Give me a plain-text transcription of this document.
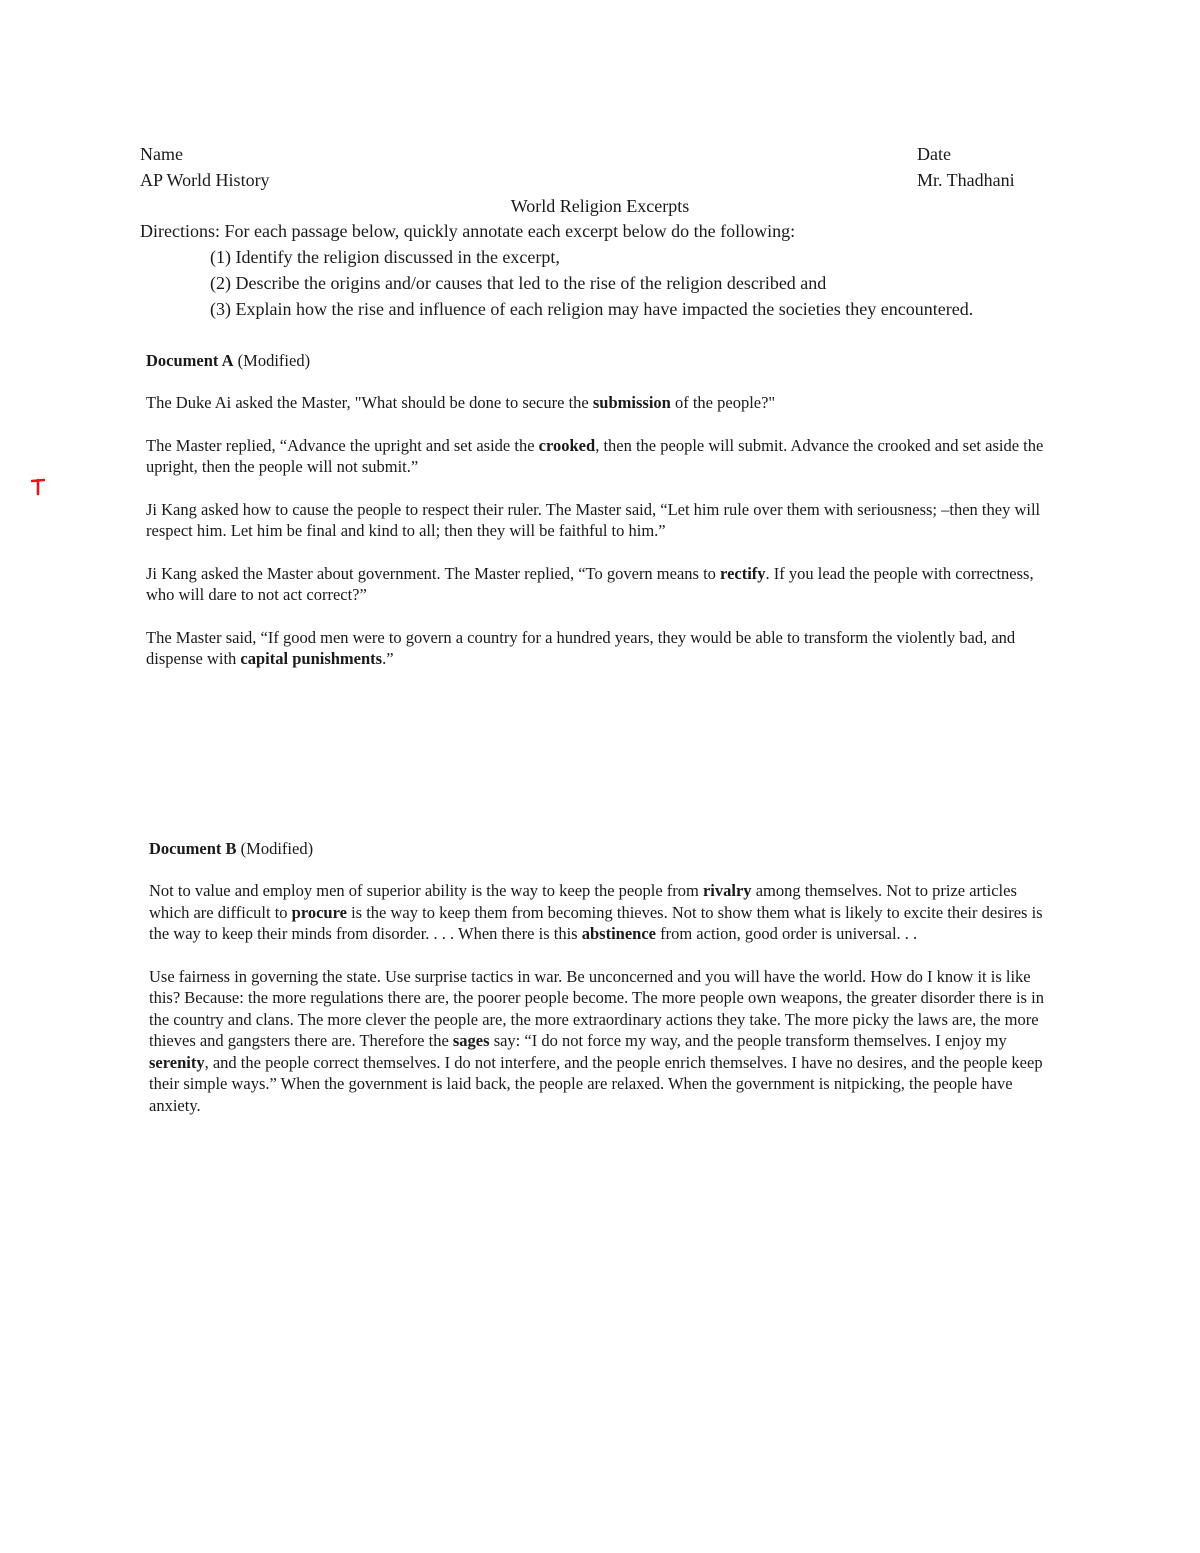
Name
AP World History
Date
Mr. Thadhani
World Religion Excerpts
Directions: For each passage below, quickly annotate each excerpt below do the following:
(1) Identify the religion discussed in the excerpt,
(2) Describe the origins and/or causes that led to the rise of the religion described and
(3) Explain how the rise and influence of each religion may have impacted the societies they encountered.
Document A (Modified)

The Duke Ai asked the Master, "What should be done to secure the submission of the people?"

The Master replied, “Advance the upright and set aside the crooked, then the people will submit. Advance the crooked and set aside the upright, then the people will not submit.”

Ji Kang asked how to cause the people to respect their ruler. The Master said, “Let him rule over them with seriousness; –then they will respect him. Let him be final and kind to all; then they will be faithful to him.”

Ji Kang asked the Master about government. The Master replied, “To govern means to rectify. If you lead the people with correctness, who will dare to not act correct?”

The Master said, “If good men were to govern a country for a hundred years, they would be able to transform the violently bad, and dispense with capital punishments.”

Document B (Modified)

Not to value and employ men of superior ability is the way to keep the people from rivalry among themselves. Not to prize articles which are difficult to procure is the way to keep them from becoming thieves. Not to show them what is likely to excite their desires is the way to keep their minds from disorder. . . . When there is this abstinence from action, good order is universal. . .

Use fairness in governing the state. Use surprise tactics in war. Be unconcerned and you will have the world. How do I know it is like this? Because: the more regulations there are, the poorer people become. The more people own weapons, the greater disorder there is in the country and clans. The more clever the people are, the more extraordinary actions they take. The more picky the laws are, the more thieves and gangsters there are. Therefore the sages say: “I do not force my way, and the people transform themselves. I enjoy my serenity, and the people correct themselves. I do not interfere, and the people enrich themselves. I have no desires, and the people keep their simple ways.” When the government is laid back, the people are relaxed. When the government is nitpicking, the people have anxiety.
